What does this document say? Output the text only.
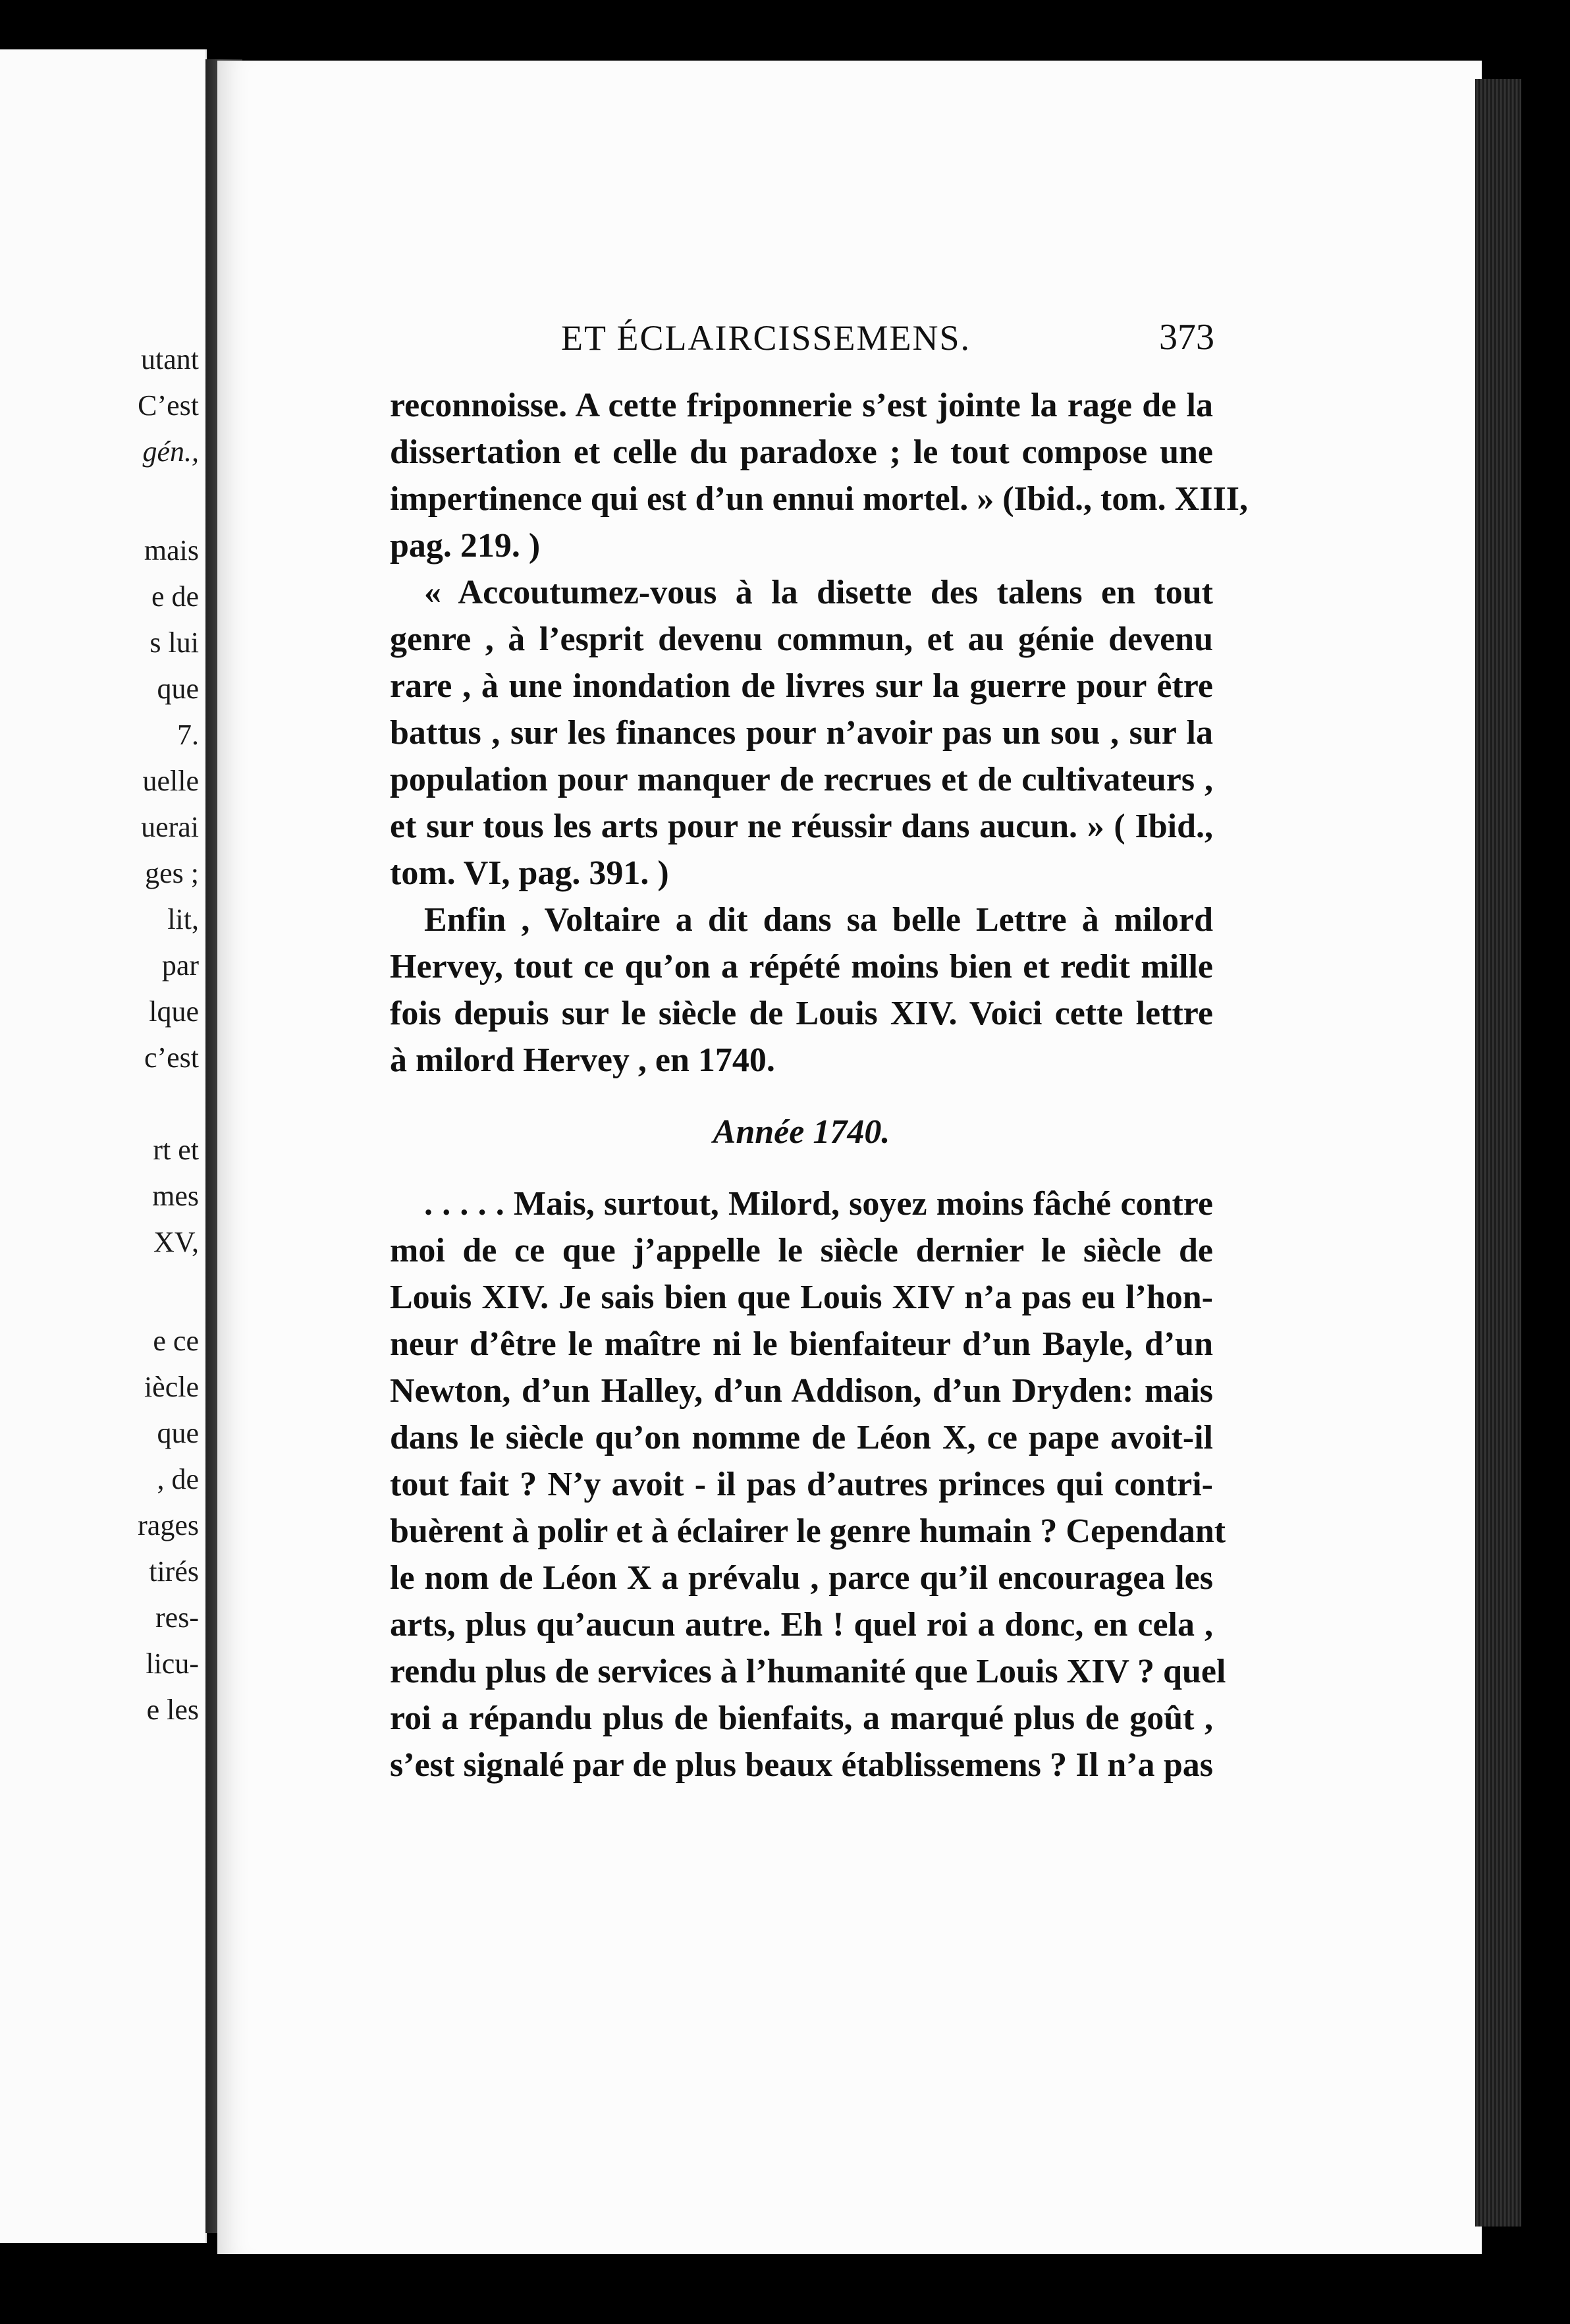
utant
C’est
gén.,
mais
e de
s lui
que
7.
uelle
uerai
ges ;
lit,
par
lque
c’est
rt et
mes
XV,
e ce
iècle
que
, de
rages
tirés
res-
licu-
e les
ET ÉCLAIRCISSEMENS.	373
reconnoisse. A cette friponnerie s’est jointe la rage de la
dissertation et celle du paradoxe ; le tout compose une
impertinence qui est d’un ennui mortel. » (Ibid., tom. XIII,
pag. 219. )
« Accoutumez-vous à la disette des talens en tout
genre , à l’esprit devenu commun, et au génie devenu
rare , à une inondation de livres sur la guerre pour être
battus , sur les finances pour n’avoir pas un sou , sur la
population pour manquer de recrues et de cultivateurs ,
et sur tous les arts pour ne réussir dans aucun. » ( Ibid.,
tom. VI, pag. 391. )
Enfin , Voltaire a dit dans sa belle Lettre à milord
Hervey, tout ce qu’on a répété moins bien et redit mille
fois depuis sur le siècle de Louis XIV. Voici cette lettre
à milord Hervey , en 1740.
Année 1740.
. . . . . Mais, surtout, Milord, soyez moins fâché contre
moi de ce que j’appelle le siècle dernier le siècle de
Louis XIV. Je sais bien que Louis XIV n’a pas eu l’hon-
neur d’être le maître ni le bienfaiteur d’un Bayle, d’un
Newton, d’un Halley, d’un Addison, d’un Dryden: mais
dans le siècle qu’on nomme de Léon X, ce pape avoit-il
tout fait ? N’y avoit - il pas d’autres princes qui contri-
buèrent à polir et à éclairer le genre humain ? Cependant
le nom de Léon X a prévalu , parce qu’il encouragea les
arts, plus qu’aucun autre. Eh ! quel roi a donc, en cela ,
rendu plus de services à l’humanité que Louis XIV ? quel
roi a répandu plus de bienfaits, a marqué plus de goût ,
s’est signalé par de plus beaux établissemens ? Il n’a pas
